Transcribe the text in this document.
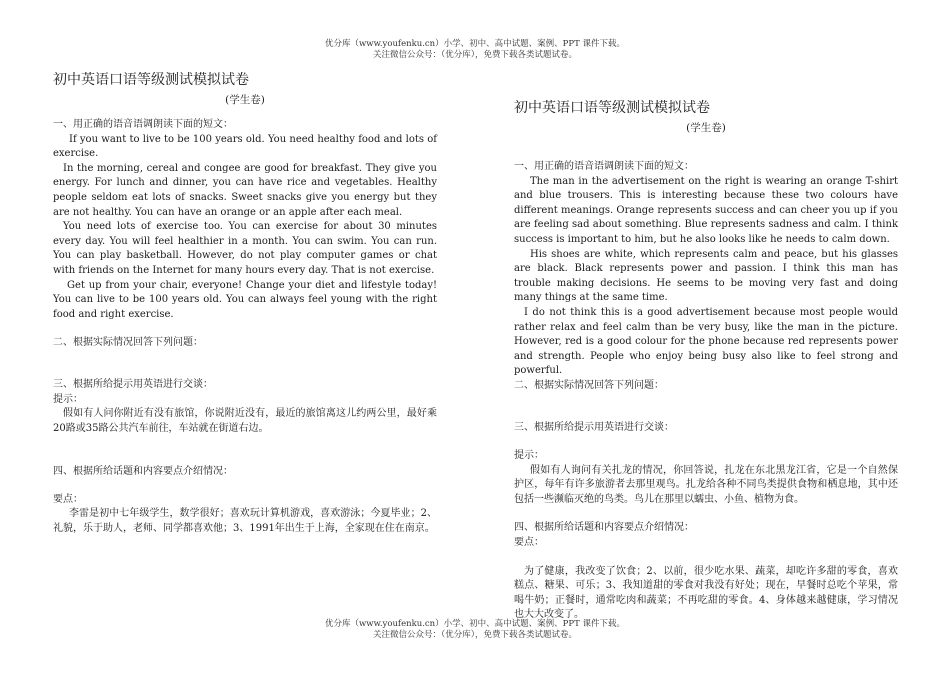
优分库（www.youfenku.cn）小学、初中、高中试题、案例、PPT 课件下载。
关注微信公众号：（优分库），免费下载各类试题试卷。
初中英语口语等级测试模拟试卷
(学生卷)

一、用正确的语音语调朗读下面的短文：

If you want to live to be 100 years old. You need healthy food and lots of exercise.

In the morning, cereal and congee are good for breakfast. They give you energy. For lunch and dinner, you can have rice and vegetables. Healthy people seldom eat lots of snacks. Sweet snacks give you energy but they are not healthy. You can have an orange or an apple after each meal.

You need lots of exercise too. You can exercise for about 30 minutes every day. You will feel healthier in a month. You can swim. You can run. You can play basketball. However, do not play computer games or chat with friends on the Internet for many hours every day. That is not exercise.

Get up from your chair, everyone! Change your diet and lifestyle today! You can live to be 100 years old. You can always feel young with the right food and right exercise.

二、根据实际情况回答下列问题：

三、根据所给提示用英语进行交谈：

提示：

假如有人问你附近有没有旅馆，你说附近没有，最近的旅馆离这儿约两公里，最好乘20路或35路公共汽车前往，车站就在街道右边。

四、根据所给话题和内容要点介绍情况：

要点：

李雷是初中七年级学生，数学很好；喜欢玩计算机游戏，喜欢游泳；今夏毕业；2、礼貌，乐于助人，老师、同学都喜欢他；3、1991年出生于上海，全家现在住在南京。

初中英语口语等级测试模拟试卷
(学生卷)

一、用正确的语音语调朗读下面的短文：

The man in the advertisement on the right is wearing an orange T-shirt and blue trousers. This is interesting because these two colours have different meanings. Orange represents success and can cheer you up if you are feeling sad about something. Blue represents sadness and calm. I think success is important to him, but he also looks like he needs to calm down.

His shoes are white, which represents calm and peace, but his glasses are black. Black represents power and passion. I think this man has trouble making decisions. He seems to be moving very fast and doing many things at the same time.

I do not think this is a good advertisement because most people would rather relax and feel calm than be very busy, like the man in the picture. However, red is a good colour for the phone because red represents power and strength. People who enjoy being busy also like to feel strong and powerful.

二、根据实际情况回答下列问题：

三、根据所给提示用英语进行交谈：

提示：

假如有人询问有关扎龙的情况，你回答说，扎龙在东北黑龙江省，它是一个自然保护区，每年有许多旅游者去那里观鸟。扎龙给各种不同鸟类提供食物和栖息地，其中还包括一些濒临灭绝的鸟类。鸟儿在那里以蠕虫、小鱼、植物为食。

四、根据所给话题和内容要点介绍情况：

要点：

为了健康，我改变了饮食；2、以前，很少吃水果、蔬菜，却吃许多甜的零食，喜欢糕点、糖果、可乐；3、我知道甜的零食对我没有好处；现在，早餐时总吃个苹果，常喝牛奶；正餐时，通常吃肉和蔬菜；不再吃甜的零食。4、身体越来越健康，学习情况也大大改变了。

优分库（www.youfenku.cn）小学、初中、高中试题、案例、PPT 课件下载。
关注微信公众号：（优分库），免费下载各类试题试卷。
